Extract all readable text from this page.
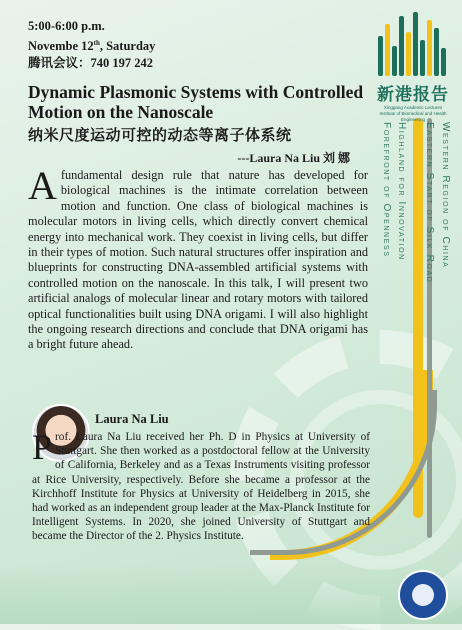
5:00-6:00 p.m.
Novembe 12th, Saturday
腾讯会议：740 197 242
Dynamic Plasmonic Systems with Controlled Motion on the Nanoscale
纳米尺度运动可控的动态等离子体系统
---Laura Na Liu 刘 娜
Afundamental design rule that nature has developed for biological machines is the intimate correlation between motion and function. One class of biological machines is molecular motors in living cells, which directly convert chemical energy into mechanical work. They coexist in living cells, but differ in their types of motion. Such natural structures offer inspiration and blueprints for constructing DNA-assembled artificial systems with controlled motion on the nanoscale. In this talk, I will present two artificial analogs of molecular linear and rotary motors with tailored optical functionalities built using DNA origami. I will also highlight the ongoing research directions and conclude that DNA origami has a bright future ahead.
Laura Na Liu
Prof. Laura Na Liu received her Ph. D in Physics at University of Stuttgart. She then worked as a postdoctoral fellow at the University of California, Berkeley and as a Texas Instruments visiting professor at Rice University, respectively. Before she became a professor at the Kirchhoff Institute for Physics at University of Heidelberg in 2015, she had worked as an independent group leader at the Max-Planck Institute for Intelligent Systems. In 2020, she joined University of Stuttgart and became the Director of the 2. Physics Institute.
新港报告
Xinggang Academic Lectures
Institute of Biomedical and Health Engineering
Western Region of China
Eastern Start of Silk Road
Highland for Innovation
Forefront of Openness
